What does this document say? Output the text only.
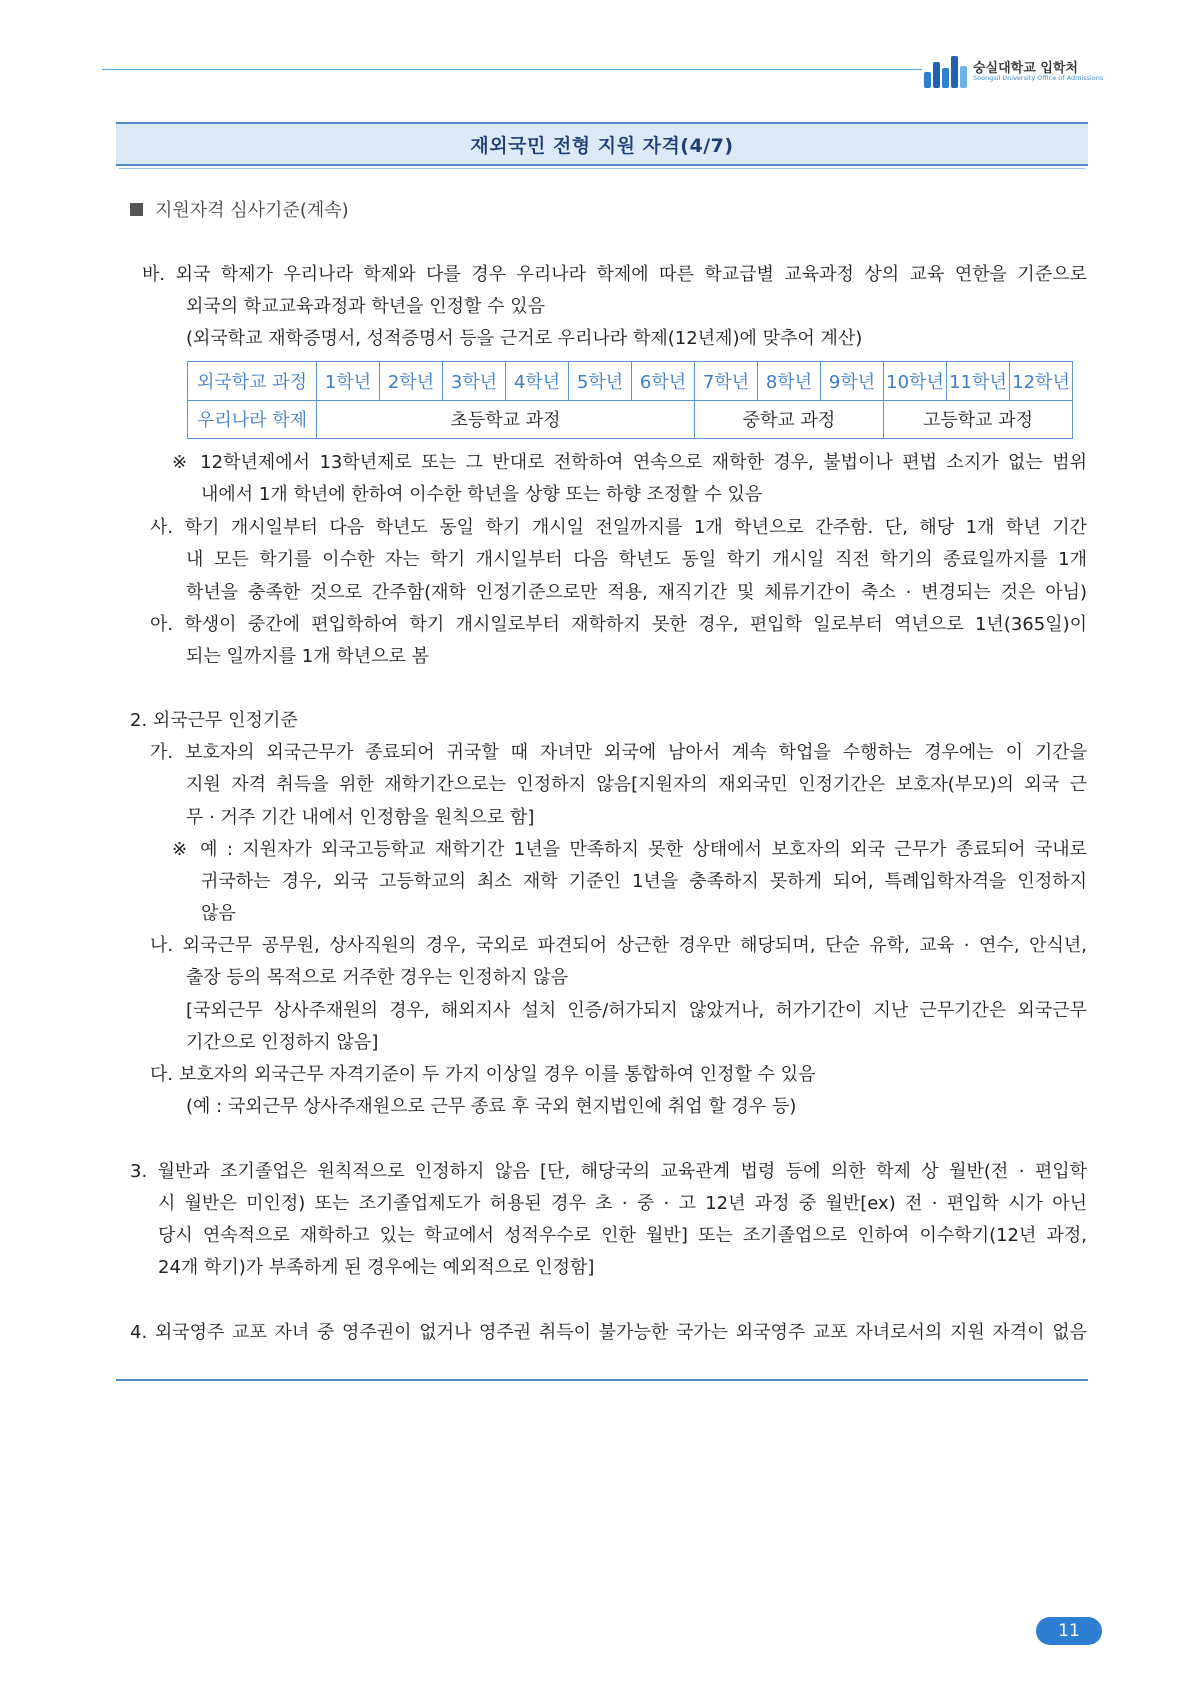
숭실대학교 입학처
Soongsil University Office of Admissions
재외국민 전형 지원 자격(4/7)
지원자격 심사기준(계속)
바. 외국 학제가 우리나라 학제와 다를 경우 우리나라 학제에 따른 학교급별 교육과정 상의 교육 연한을 기준으로
외국의 학교교육과정과 학년을 인정할 수 있음
(외국학교 재학증명서, 성적증명서 등을 근거로 우리나라 학제(12년제)에 맞추어 계산)
외국학교 과정	1학년	2학년	3학년	4학년	5학년	6학년	7학년	8학년	9학년	10학년	11학년	12학년
우리나라 학제	초등학교 과정						중학교 과정			고등학교 과정		
※ 12학년제에서 13학년제로 또는 그 반대로 전학하여 연속으로 재학한 경우, 불법이나 편법 소지가 없는 범위
내에서 1개 학년에 한하여 이수한 학년을 상향 또는 하향 조정할 수 있음
사. 학기 개시일부터 다음 학년도 동일 학기 개시일 전일까지를 1개 학년으로 간주함. 단, 해당 1개 학년 기간
내 모든 학기를 이수한 자는 학기 개시일부터 다음 학년도 동일 학기 개시일 직전 학기의 종료일까지를 1개
학년을 충족한 것으로 간주함(재학 인정기준으로만 적용, 재직기간 및 체류기간이 축소 · 변경되는 것은 아님)
아. 학생이 중간에 편입학하여 학기 개시일로부터 재학하지 못한 경우, 편입학 일로부터 역년으로 1년(365일)이
되는 일까지를 1개 학년으로 봄
2. 외국근무 인정기준
가. 보호자의 외국근무가 종료되어 귀국할 때 자녀만 외국에 남아서 계속 학업을 수행하는 경우에는 이 기간을
지원 자격 취득을 위한 재학기간으로는 인정하지 않음[지원자의 재외국민 인정기간은 보호자(부모)의 외국 근
무 · 거주 기간 내에서 인정함을 원칙으로 함]
※ 예 : 지원자가 외국고등학교 재학기간 1년을 만족하지 못한 상태에서 보호자의 외국 근무가 종료되어 국내로
귀국하는 경우, 외국 고등학교의 최소 재학 기준인 1년을 충족하지 못하게 되어, 특례입학자격을 인정하지
않음
나. 외국근무 공무원, 상사직원의 경우, 국외로 파견되어 상근한 경우만 해당되며, 단순 유학, 교육 · 연수, 안식년,
출장 등의 목적으로 거주한 경우는 인정하지 않음
[국외근무 상사주재원의 경우, 해외지사 설치 인증/허가되지 않았거나, 허가기간이 지난 근무기간은 외국근무
기간으로 인정하지 않음]
다. 보호자의 외국근무 자격기준이 두 가지 이상일 경우 이를 통합하여 인정할 수 있음
(예 : 국외근무 상사주재원으로 근무 종료 후 국외 현지법인에 취업 할 경우 등)
3. 월반과 조기졸업은 원칙적으로 인정하지 않음 [단, 해당국의 교육관계 법령 등에 의한 학제 상 월반(전 · 편입학
시 월반은 미인정) 또는 조기졸업제도가 허용된 경우 초 · 중 · 고 12년 과정 중 월반[ex) 전 · 편입학 시가 아닌
당시 연속적으로 재학하고 있는 학교에서 성적우수로 인한 월반] 또는 조기졸업으로 인하여 이수학기(12년 과정,
24개 학기)가 부족하게 된 경우에는 예외적으로 인정함]
4. 외국영주 교포 자녀 중 영주권이 없거나 영주권 취득이 불가능한 국가는 외국영주 교포 자녀로서의 지원 자격이 없음
11
